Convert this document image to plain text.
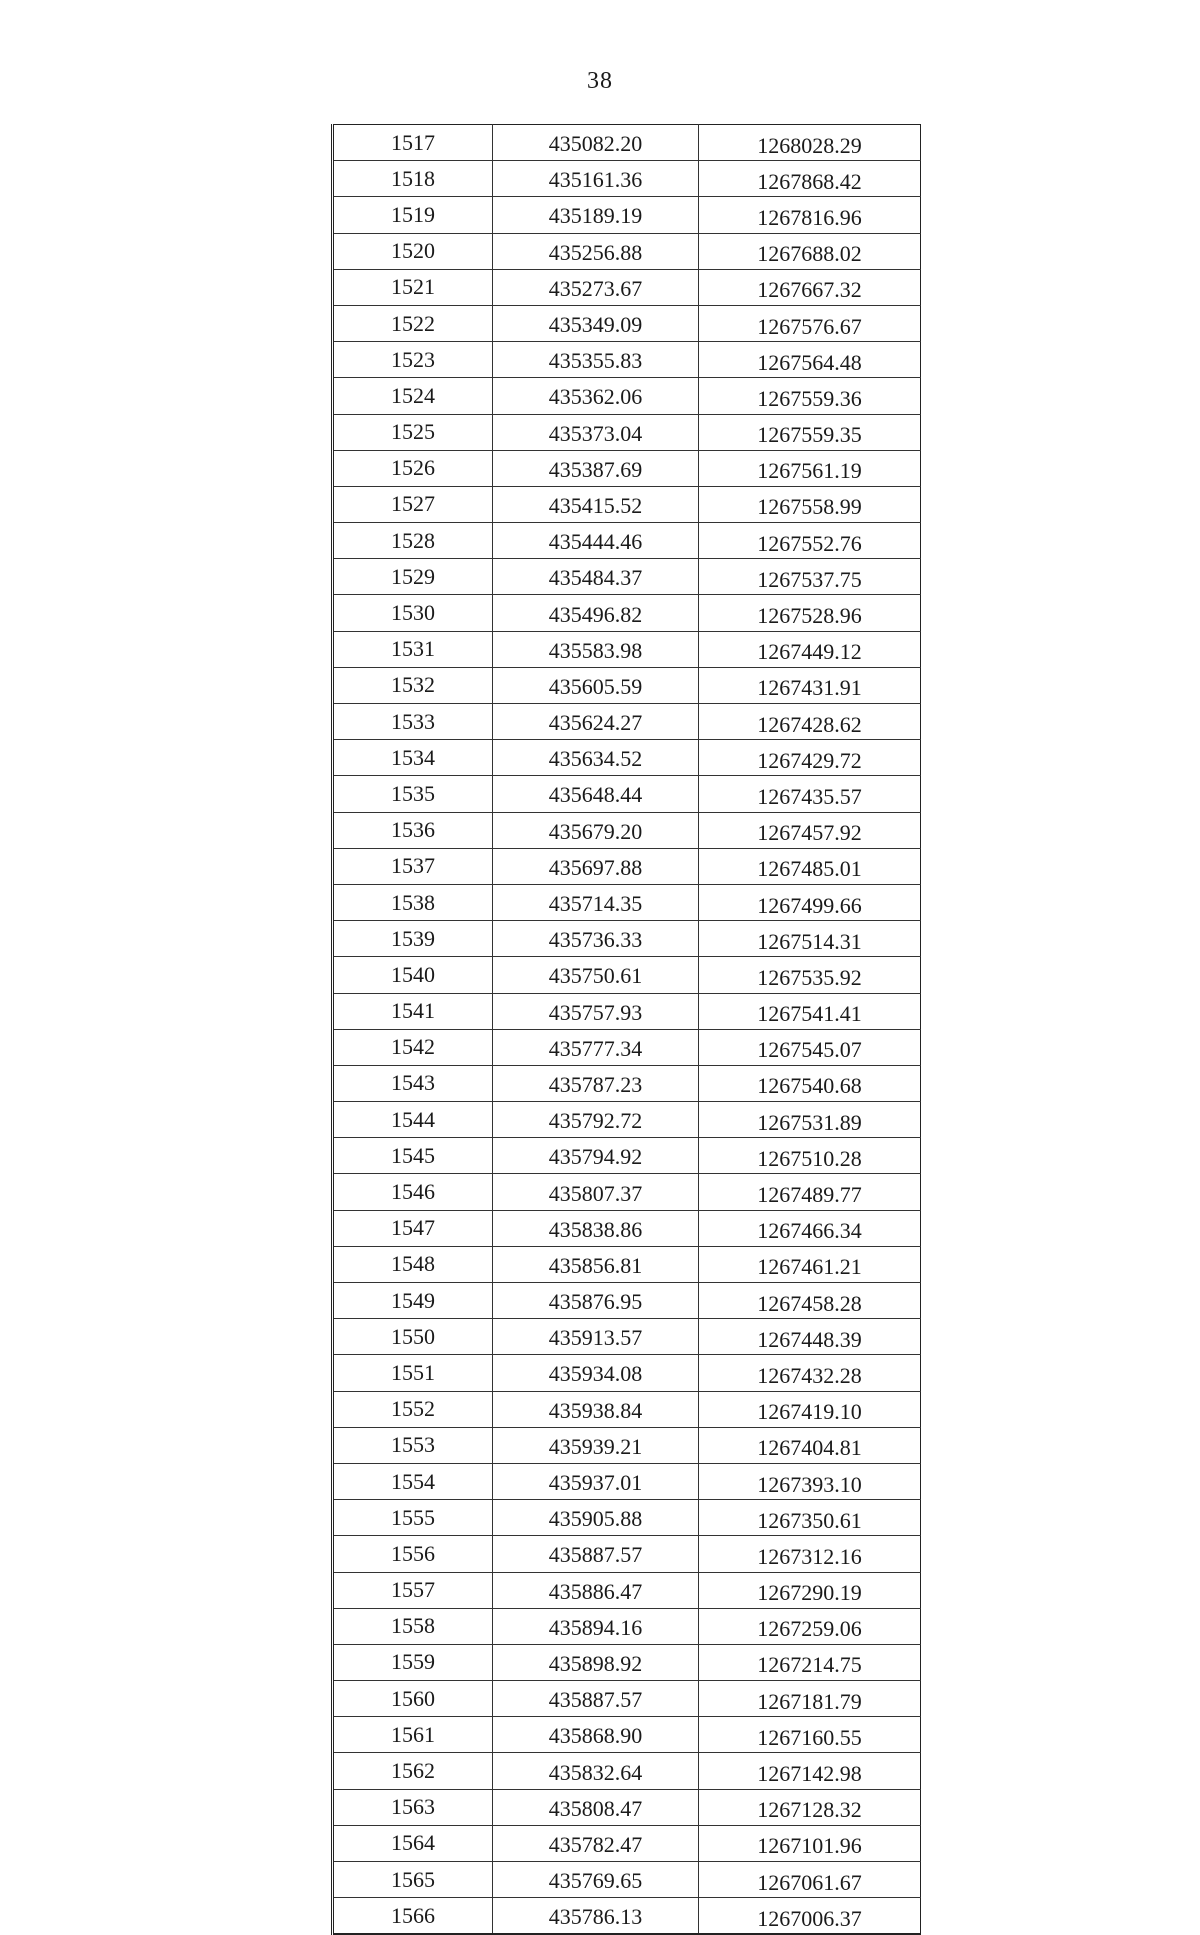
38
1517	435082.20	1268028.29
1518	435161.36	1267868.42
1519	435189.19	1267816.96
1520	435256.88	1267688.02
1521	435273.67	1267667.32
1522	435349.09	1267576.67
1523	435355.83	1267564.48
1524	435362.06	1267559.36
1525	435373.04	1267559.35
1526	435387.69	1267561.19
1527	435415.52	1267558.99
1528	435444.46	1267552.76
1529	435484.37	1267537.75
1530	435496.82	1267528.96
1531	435583.98	1267449.12
1532	435605.59	1267431.91
1533	435624.27	1267428.62
1534	435634.52	1267429.72
1535	435648.44	1267435.57
1536	435679.20	1267457.92
1537	435697.88	1267485.01
1538	435714.35	1267499.66
1539	435736.33	1267514.31
1540	435750.61	1267535.92
1541	435757.93	1267541.41
1542	435777.34	1267545.07
1543	435787.23	1267540.68
1544	435792.72	1267531.89
1545	435794.92	1267510.28
1546	435807.37	1267489.77
1547	435838.86	1267466.34
1548	435856.81	1267461.21
1549	435876.95	1267458.28
1550	435913.57	1267448.39
1551	435934.08	1267432.28
1552	435938.84	1267419.10
1553	435939.21	1267404.81
1554	435937.01	1267393.10
1555	435905.88	1267350.61
1556	435887.57	1267312.16
1557	435886.47	1267290.19
1558	435894.16	1267259.06
1559	435898.92	1267214.75
1560	435887.57	1267181.79
1561	435868.90	1267160.55
1562	435832.64	1267142.98
1563	435808.47	1267128.32
1564	435782.47	1267101.96
1565	435769.65	1267061.67
1566	435786.13	1267006.37
